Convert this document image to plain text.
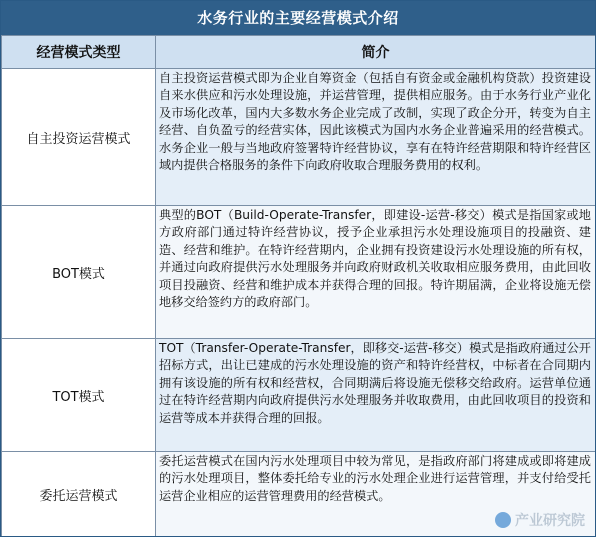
水务行业的主要经营模式介绍
经营模式类型	简介
自主投资运营模式	自主投资运营模式即为企业自筹资金（包括自有资金或金融机构贷款）投资建设自来水供应和污水处理设施，并运营管理，提供相应服务。由于水务行业产业化及市场化改革，国内大多数水务企业完成了改制，实现了政企分开，转变为自主经营、自负盈亏的经营实体，因此该模式为国内水务企业普遍采用的经营模式。水务企业一般与当地政府签署特许经营协议，享有在特许经营期限和特许经营区域内提供合格服务的条件下向政府收取合理服务费用的权利。
BOT模式	典型的BOT（Build-Operate-Transfer，即建设-运营-移交）模式是指国家或地方政府部门通过特许经营协议，授予企业承担污水处理设施项目的投融资、建造、经营和维护。在特许经营期内，企业拥有投资建设污水处理设施的所有权，并通过向政府提供污水处理服务并向政府财政机关收取相应服务费用，由此回收项目投融资、经营和维护成本并获得合理的回报。特许期届满，企业将设施无偿地移交给签约方的政府部门。
TOT模式	TOT（Transfer-Operate-Transfer，即移交-运营-移交）模式是指政府通过公开招标方式，出让已建成的污水处理设施的资产和特许经营权，中标者在合同期内拥有该设施的所有权和经营权，合同期满后将设施无偿移交给政府。运营单位通过在特许经营期内向政府提供污水处理服务并收取费用，由此回收项目的投资和运营等成本并获得合理的回报。
委托运营模式	委托运营模式在国内污水处理项目中较为常见，是指政府部门将建成或即将建成的污水处理项目，整体委托给专业的污水处理企业进行运营管理，并支付给受托运营企业相应的运营管理费用的经营模式。
产业研究院
